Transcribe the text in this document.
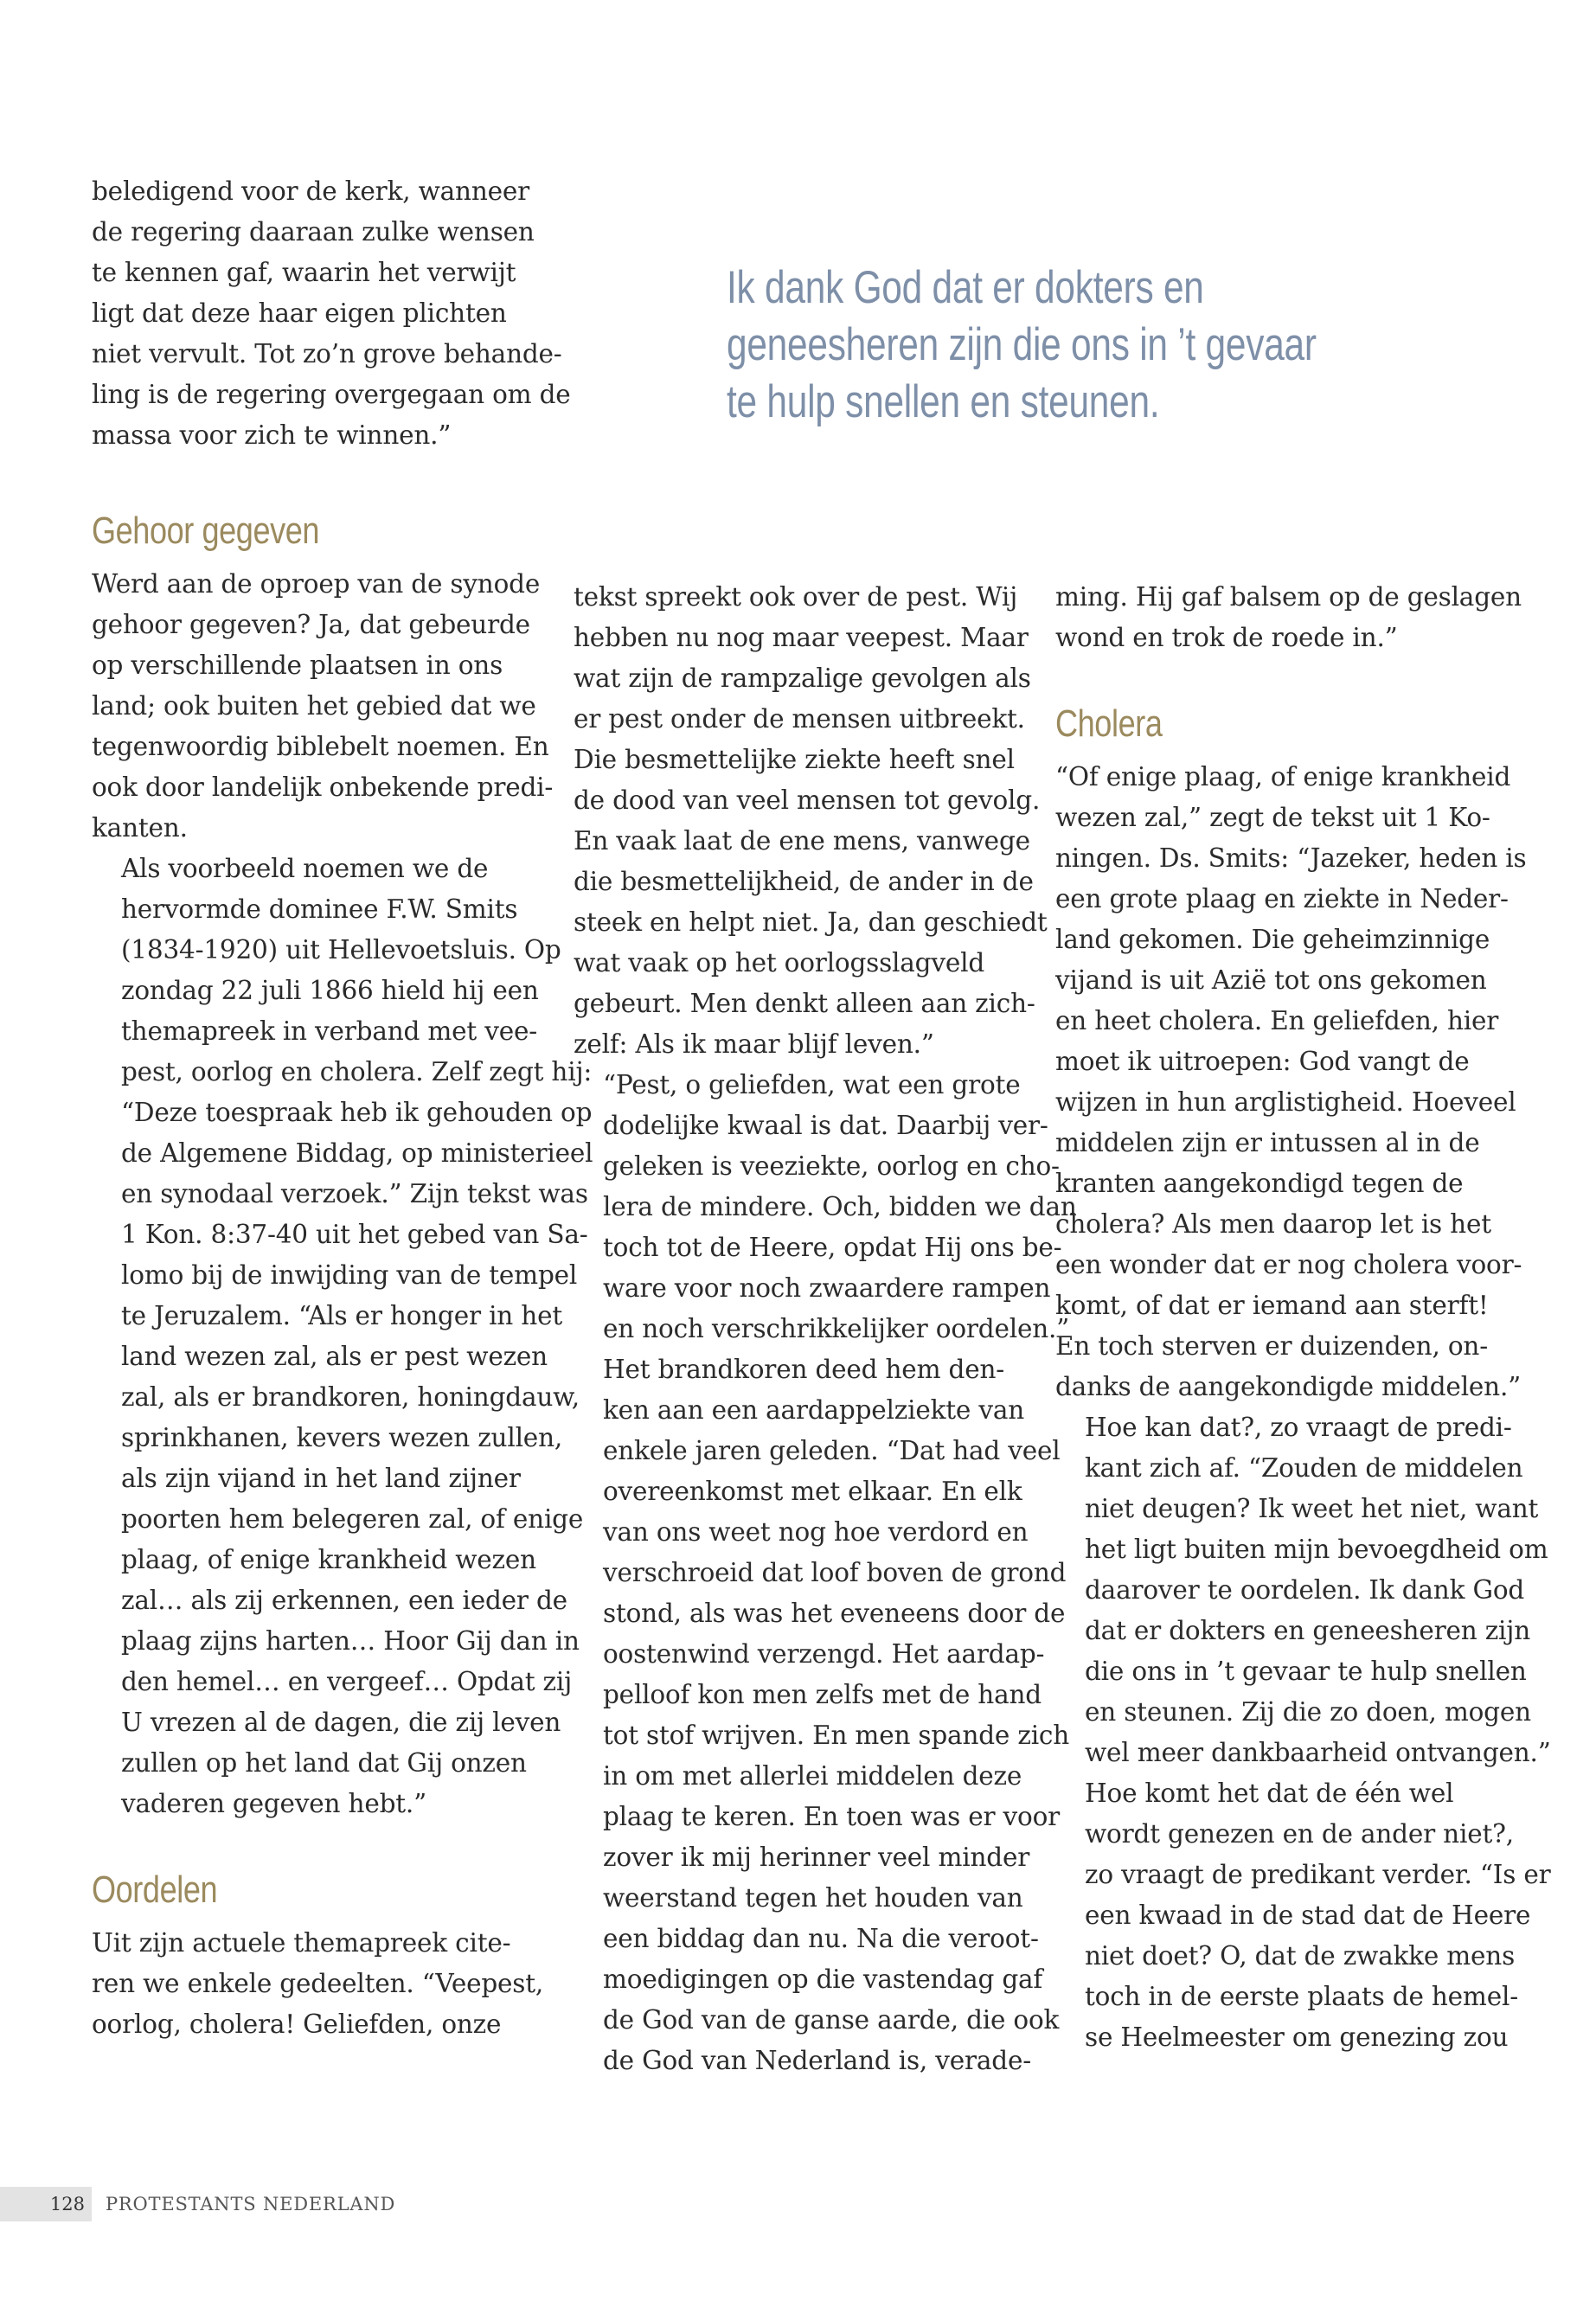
beledigend voor de kerk, wanneer
de regering daaraan zulke wensen
te kennen gaf, waarin het verwijt
ligt dat deze haar eigen plichten
niet vervult. Tot zo’n grove behande-
ling is de regering overgegaan om de
massa voor zich te winnen.”

Ik dank God dat er dokters en
geneesheren zijn die ons in ’t gevaar
te hulp snellen en steunen.
Gehoor gegeven

Werd aan de oproep van de synode
gehoor gegeven? Ja, dat gebeurde
op verschillende plaatsen in ons
land; ook buiten het gebied dat we
tegenwoordig biblebelt noemen. En
ook door landelijk onbekende predi-
kanten.

Als voorbeeld noemen we de
hervormde dominee F.W. Smits
(1834-1920) uit Hellevoetsluis. Op
zondag 22 juli 1866 hield hij een
themapreek in verband met vee-
pest, oorlog en cholera. Zelf zegt hij:
“Deze toespraak heb ik gehouden op
de Algemene Biddag, op ministerieel
en synodaal verzoek.” Zijn tekst was
1 Kon. 8:37-40 uit het gebed van Sa-
lomo bij de inwijding van de tempel
te Jeruzalem. “Als er honger in het
land wezen zal, als er pest wezen
zal, als er brandkoren, honingdauw,
sprinkhanen, kevers wezen zullen,
als zijn vijand in het land zijner
poorten hem belegeren zal, of enige
plaag, of enige krankheid wezen
zal… als zij erkennen, een ieder de
plaag zijns harten… Hoor Gij dan in
den hemel… en vergeef… Opdat zij
U vrezen al de dagen, die zij leven
zullen op het land dat Gij onzen
vaderen gegeven hebt.”

Oordelen

Uit zijn actuele themapreek cite-
ren we enkele gedeelten. “Veepest,
oorlog, cholera! Geliefden, onze

tekst spreekt ook over de pest. Wij
hebben nu nog maar veepest. Maar
wat zijn de rampzalige gevolgen als
er pest onder de mensen uitbreekt.
Die besmettelijke ziekte heeft snel
de dood van veel mensen tot gevolg.
En vaak laat de ene mens, vanwege
die besmettelijkheid, de ander in de
steek en helpt niet. Ja, dan geschiedt
wat vaak op het oorlogsslagveld
gebeurt. Men denkt alleen aan zich-
zelf: Als ik maar blijf leven.”

“Pest, o geliefden, wat een grote
dodelijke kwaal is dat. Daarbij ver-
geleken is veeziekte, oorlog en cho-
lera de mindere. Och, bidden we dan
toch tot de Heere, opdat Hij ons be-
ware voor noch zwaardere rampen
en noch verschrikkelijker oordelen.”

Het brandkoren deed hem den-
ken aan een aardappelziekte van
enkele jaren geleden. “Dat had veel
overeenkomst met elkaar. En elk
van ons weet nog hoe verdord en
verschroeid dat loof boven de grond
stond, als was het eveneens door de
oostenwind verzengd. Het aardap-
pelloof kon men zelfs met de hand
tot stof wrijven. En men spande zich
in om met allerlei middelen deze
plaag te keren. En toen was er voor
zover ik mij herinner veel minder
weerstand tegen het houden van
een biddag dan nu. Na die veroot-
moedigingen op die vastendag gaf
de God van de ganse aarde, die ook
de God van Nederland is, verade-

ming. Hij gaf balsem op de geslagen
wond en trok de roede in.”

Cholera

“Of enige plaag, of enige krankheid
wezen zal,” zegt de tekst uit 1 Ko-
ningen. Ds. Smits: “Jazeker, heden is
een grote plaag en ziekte in Neder-
land gekomen. Die geheimzinnige
vijand is uit Azië tot ons gekomen
en heet cholera. En geliefden, hier
moet ik uitroepen: God vangt de
wijzen in hun arglistigheid. Hoeveel
middelen zijn er intussen al in de
kranten aangekondigd tegen de
cholera? Als men daarop let is het
een wonder dat er nog cholera voor-
komt, of dat er iemand aan sterft!
En toch sterven er duizenden, on-
danks de aangekondigde middelen.”

Hoe kan dat?, zo vraagt de predi-
kant zich af. “Zouden de middelen
niet deugen? Ik weet het niet, want
het ligt buiten mijn bevoegdheid om
daarover te oordelen. Ik dank God
dat er dokters en geneesheren zijn
die ons in ’t gevaar te hulp snellen
en steunen. Zij die zo doen, mogen
wel meer dankbaarheid ontvangen.”

Hoe komt het dat de één wel
wordt genezen en de ander niet?,
zo vraagt de predikant verder. “Is er
een kwaad in de stad dat de Heere
niet doet? O, dat de zwakke mens
toch in de eerste plaats de hemel-
se Heelmeester om genezing zou

128	PROTESTANTS NEDERLAND
